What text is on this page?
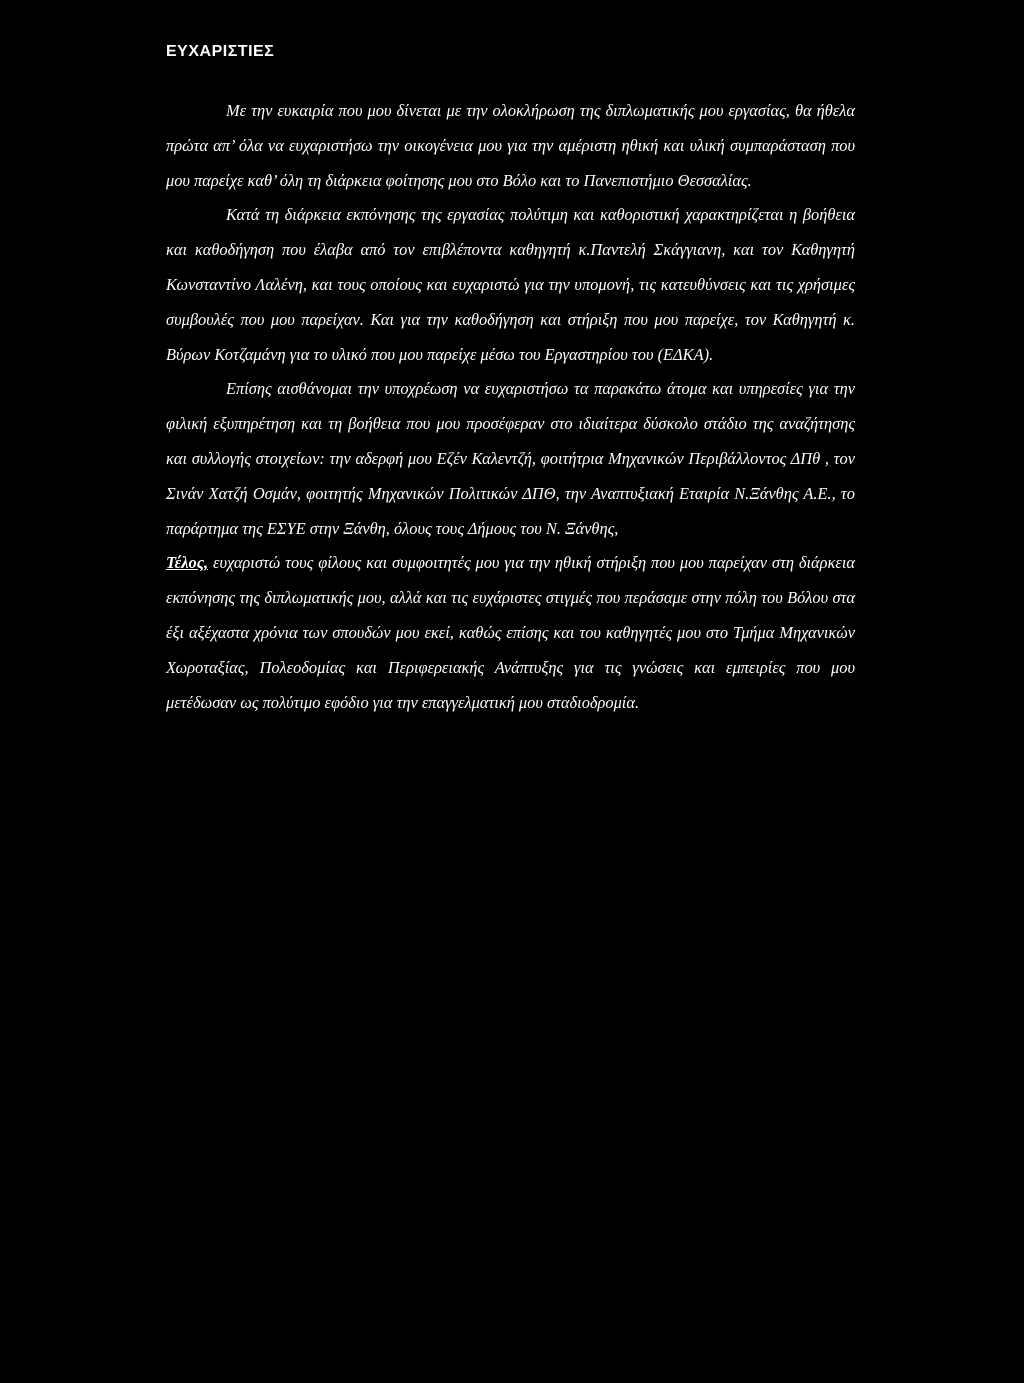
ΕΥΧΑΡΙΣΤΙΕΣ

Με την ευκαιρία που μου δίνεται με την ολοκλήρωση της διπλωματικής μου εργασίας, θα ήθελα πρώτα απ’ όλα να ευχαριστήσω την οικογένεια μου για την αμέριστη ηθική και υλική συμπαράσταση που μου παρείχε καθ’ όλη τη διάρκεια φοίτησης μου στο Βόλο και το Πανεπιστήμιο Θεσσαλίας.

Κατά τη διάρκεια εκπόνησης της εργασίας πολύτιμη και καθοριστική χαρακτηρίζεται η βοήθεια και καθοδήγηση που έλαβα από τον επιβλέποντα καθηγητή κ.Παντελή Σκάγγιανη, και τον Καθηγητή Κωνσταντίνο Λαλένη, και τους οποίους και ευχαριστώ για την υπομονή, τις κατευθύνσεις και τις χρήσιμες συμβουλές που μου παρείχαν. Και για την καθοδήγηση και στήριξη που μου παρείχε, τον Καθηγητή κ. Βύρων Κοτζαμάνη για το υλικό που μου παρείχε μέσω του Εργαστηρίου του (ΕΔΚΑ).

Επίσης αισθάνομαι την υποχρέωση να ευχαριστήσω τα παρακάτω άτομα και υπηρεσίες για την φιλική εξυπηρέτηση και τη βοήθεια που μου προσέφεραν στο ιδιαίτερα δύσκολο στάδιο της αναζήτησης και συλλογής στοιχείων: την αδερφή μου Εζέν Καλεντζή, φοιτήτρια Μηχανικών Περιβάλλοντος ΔΠθ , τον Σινάν Χατζή Οσμάν, φοιτητής Μηχανικών Πολιτικών ΔΠΘ, την Αναπτυξιακή Εταιρία Ν.Ξάνθης Α.Ε., το παράρτημα της ΕΣΥΕ στην Ξάνθη, όλους τους Δήμους του Ν. Ξάνθης,

Τέλος, ευχαριστώ τους φίλους και συμφοιτητές μου για την ηθική στήριξη που μου παρείχαν στη διάρκεια εκπόνησης της διπλωματικής μου, αλλά και τις ευχάριστες στιγμές που περάσαμε στην πόλη του Βόλου στα έξι αξέχαστα χρόνια των σπουδών μου εκεί, καθώς επίσης και του καθηγητές μου στο Τμήμα Μηχανικών Χωροταξίας, Πολεοδομίας και Περιφερειακής Ανάπτυξης για τις γνώσεις και εμπειρίες που μου μετέδωσαν ως πολύτιμο εφόδιο για την επαγγελματική μου σταδιοδρομία.
